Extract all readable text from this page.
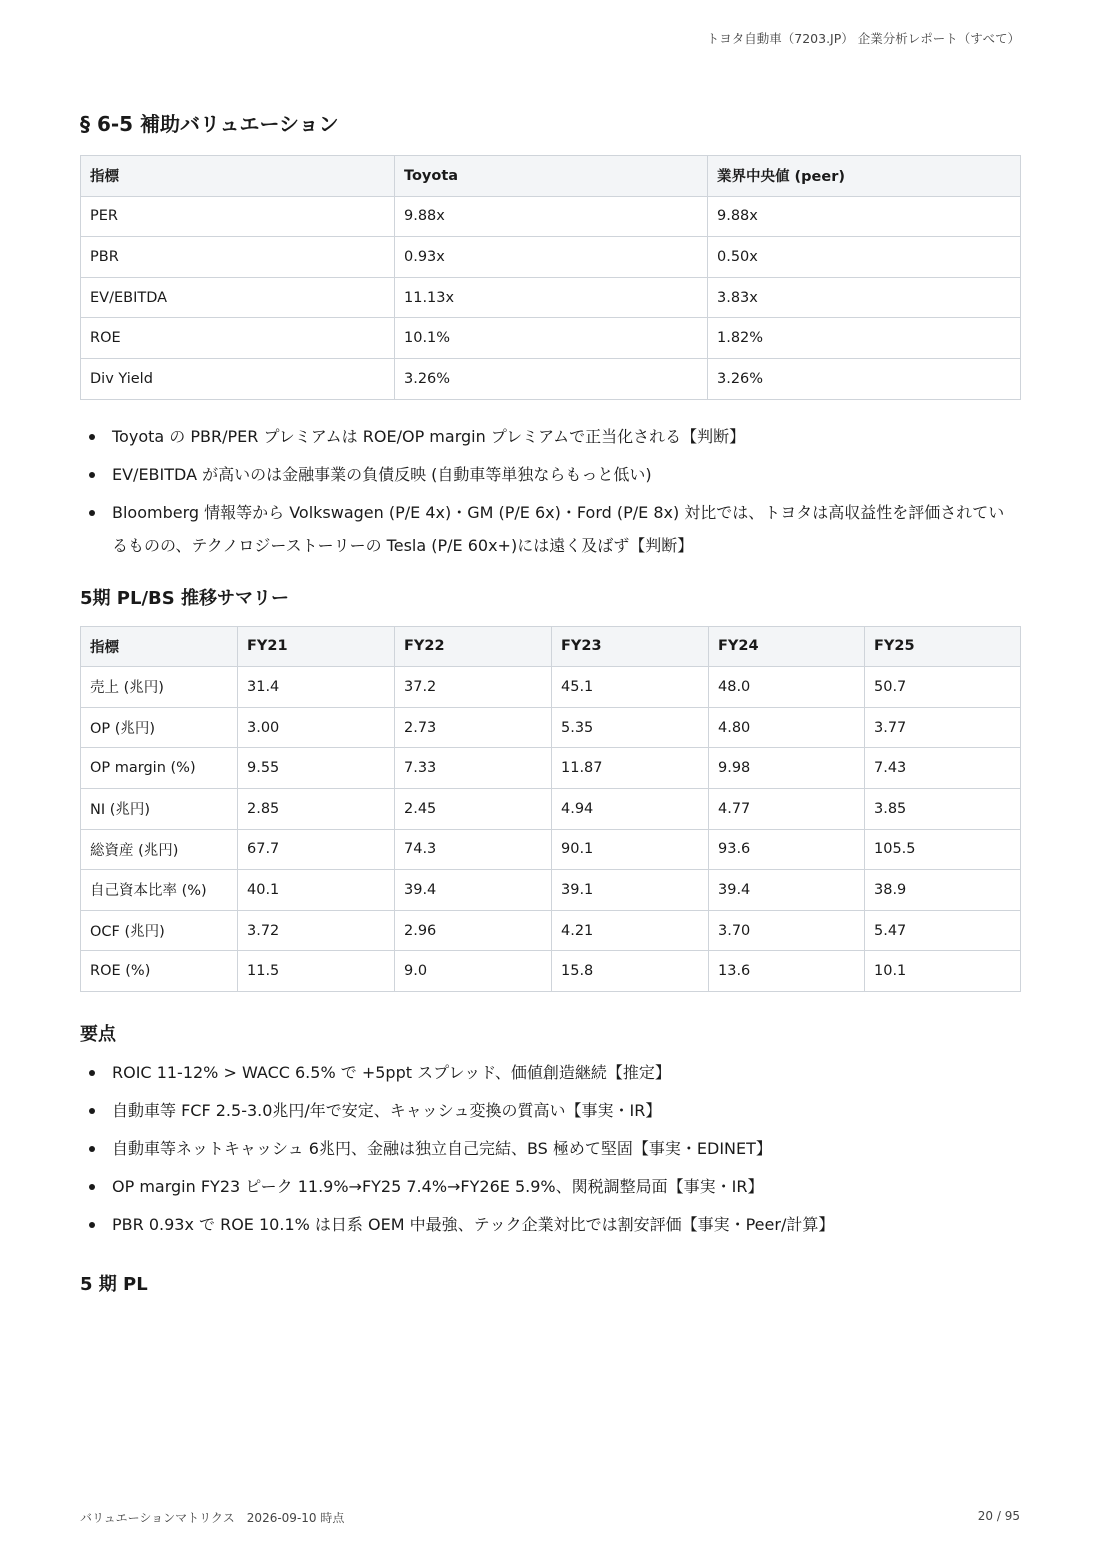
トヨタ自動車（7203.JP） 企業分析レポート（すべて）
§ 6-5 補助バリュエーション
指標	Toyota	業界中央値 (peer)
PER	9.88x	9.88x
PBR	0.93x	0.50x
EV/EBITDA	11.13x	3.83x
ROE	10.1%	1.82%
Div Yield	3.26%	3.26%
Toyota の PBR/PER プレミアムは ROE/OP margin プレミアムで正当化される【判断】
EV/EBITDA が高いのは金融事業の負債反映 (自動車等単独ならもっと低い)
Bloomberg 情報等から Volkswagen (P/E 4x)・GM (P/E 6x)・Ford (P/E 8x) 対比では、トヨタは高収益性を評価されているものの、テクノロジーストーリーの Tesla (P/E 60x+)には遠く及ばず【判断】
5期 PL/BS 推移サマリー
指標	FY21	FY22	FY23	FY24	FY25
売上 (兆円)	31.4	37.2	45.1	48.0	50.7
OP (兆円)	3.00	2.73	5.35	4.80	3.77
OP margin (%)	9.55	7.33	11.87	9.98	7.43
NI (兆円)	2.85	2.45	4.94	4.77	3.85
総資産 (兆円)	67.7	74.3	90.1	93.6	105.5
自己資本比率 (%)	40.1	39.4	39.1	39.4	38.9
OCF (兆円)	3.72	2.96	4.21	3.70	5.47
ROE (%)	11.5	9.0	15.8	13.6	10.1
要点
ROIC 11-12% > WACC 6.5% で +5ppt スプレッド、価値創造継続【推定】
自動車等 FCF 2.5-3.0兆円/年で安定、キャッシュ変換の質高い【事実・IR】
自動車等ネットキャッシュ 6兆円、金融は独立自己完結、BS 極めて堅固【事実・EDINET】
OP margin FY23 ピーク 11.9%→FY25 7.4%→FY26E 5.9%、関税調整局面【事実・IR】
PBR 0.93x で ROE 10.1% は日系 OEM 中最強、テック企業対比では割安評価【事実・Peer/計算】
5 期 PL
バリュエーションマトリクス　2026-09-10 時点	20 / 95
